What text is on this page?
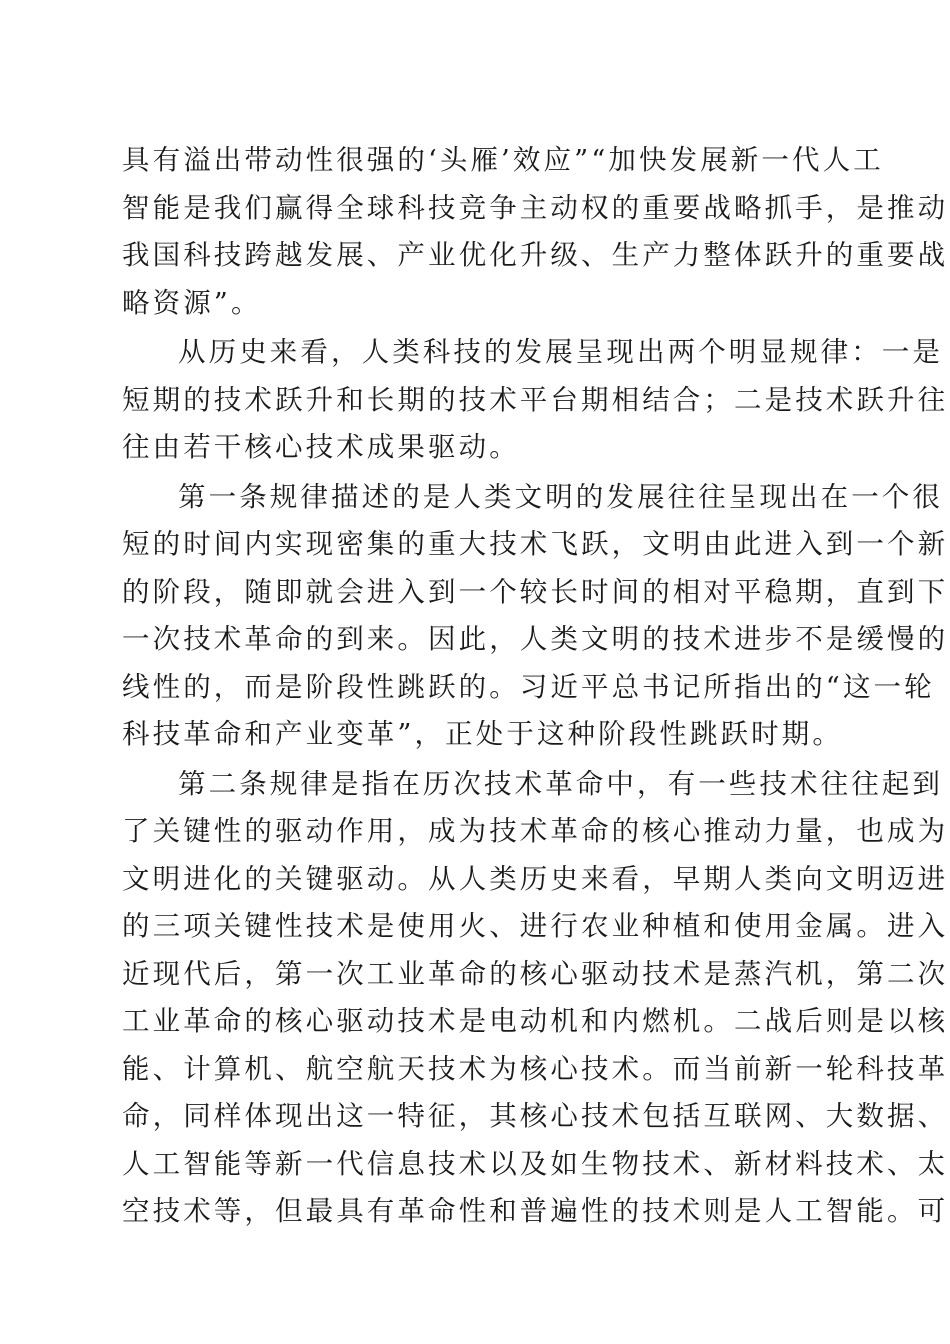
具有溢出带动性很强的‘头雁’效应”“加快发展新一代人工
智能是我们赢得全球科技竞争主动权的重要战略抓手，是推动
我国科技跨越发展、产业优化升级、生产力整体跃升的重要战
略资源”。
从历史来看，人类科技的发展呈现出两个明显规律：一是
短期的技术跃升和长期的技术平台期相结合；二是技术跃升往
往由若干核心技术成果驱动。
第一条规律描述的是人类文明的发展往往呈现出在一个很
短的时间内实现密集的重大技术飞跃，文明由此进入到一个新
的阶段，随即就会进入到一个较长时间的相对平稳期，直到下
一次技术革命的到来。因此，人类文明的技术进步不是缓慢的
线性的，而是阶段性跳跃的。习近平总书记所指出的“这一轮
科技革命和产业变革”，正处于这种阶段性跳跃时期。
第二条规律是指在历次技术革命中，有一些技术往往起到
了关键性的驱动作用，成为技术革命的核心推动力量，也成为
文明进化的关键驱动。从人类历史来看，早期人类向文明迈进
的三项关键性技术是使用火、进行农业种植和使用金属。进入
近现代后，第一次工业革命的核心驱动技术是蒸汽机，第二次
工业革命的核心驱动技术是电动机和内燃机。二战后则是以核
能、计算机、航空航天技术为核心技术。而当前新一轮科技革
命，同样体现出这一特征，其核心技术包括互联网、大数据、
人工智能等新一代信息技术以及如生物技术、新材料技术、太
空技术等，但最具有革命性和普遍性的技术则是人工智能。可
